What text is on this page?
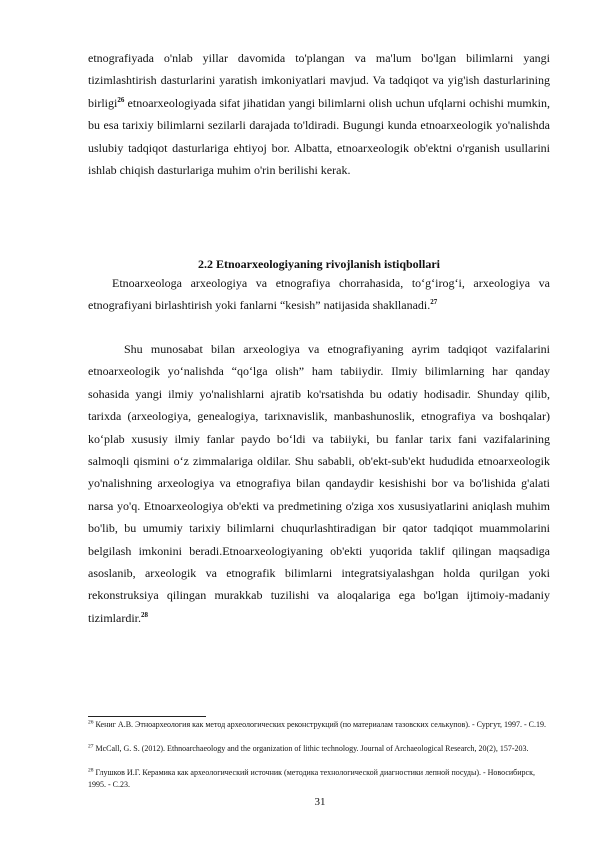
etnografiyada o'nlab yillar davomida to'plangan va ma'lum bo'lgan bilimlarni yangi tizimlashtirish dasturlarini yaratish imkoniyatlari mavjud. Va tadqiqot va yig'ish dasturlarining birligi$^{26}$ etnoarxeologiyada sifat jihatidan yangi bilimlarni olish uchun ufqlarni ochishi mumkin, bu esa tarixiy bilimlarni sezilarli darajada to'ldiradi. Bugungi kunda etnoarxeologik yo'nalishda uslubiy tadqiqot dasturlariga ehtiyoj bor. Albatta, etnoarxeologik ob'ektni o'rganish usullarini ishlab chiqish dasturlariga muhim o'rin berilishi kerak.

2.2 Etnoarxeologiyaning rivojlanish istiqbollari

Etnoarxeologa arxeologiya va etnografiya chorrahasida, to‘g‘irog‘i, arxeologiya va etnografiyani birlashtirish yoki fanlarni “kesish” natijasida shakllanadi.$^{27}$

Shu munosabat bilan arxeologiya va etnografiyaning ayrim tadqiqot vazifalarini etnoarxeologik yo‘nalishda “qo‘lga olish” ham tabiiydir. Ilmiy bilimlarning har qanday sohasida yangi ilmiy yo'nalishlarni ajratib ko'rsatishda bu odatiy hodisadir. Shunday qilib, tarixda (arxeologiya, genealogiya, tarixnavislik, manbashunoslik, etnografiya va boshqalar) ko‘plab xususiy ilmiy fanlar paydo bo‘ldi va tabiiyki, bu fanlar tarix fani vazifalarining salmoqli qismini o‘z zimmalariga oldilar. Shu sababli, ob'ekt-sub'ekt hududida etnoarxeologik yo'nalishning arxeologiya va etnografiya bilan qandaydir kesishishi bor va bo'lishida g'alati narsa yo'q. Etnoarxeologiya ob'ekti va predmetining o'ziga xos xususiyatlarini aniqlash muhim bo'lib, bu umumiy tarixiy bilimlarni chuqurlashtiradigan bir qator tadqiqot muammolarini belgilash imkonini beradi.Etnoarxeologiyaning ob'ekti yuqorida taklif qilingan maqsadiga asoslanib, arxeologik va etnografik bilimlarni integratsiyalashgan holda qurilgan yoki rekonstruksiya qilingan murakkab tuzilishi va aloqalariga ega bo'lgan ijtimoiy-madaniy tizimlardir.$^{28}$

$^{26}$ Кениг А.В. Этноархеология как метод археологических реконструкций (по материалам тазовских селькупов). - Сургут, 1997. - С.19.

$^{27}$ McCall, G. S. (2012). Ethnoarchaeology and the organization of lithic technology. Journal of Archaeological Research, 20(2), 157-203.

$^{28}$ Глушков И.Г. Керамика как археологический источник (методика технологической диагностики лепной посуды). - Новосибирск, 1995. - С.23.

31
